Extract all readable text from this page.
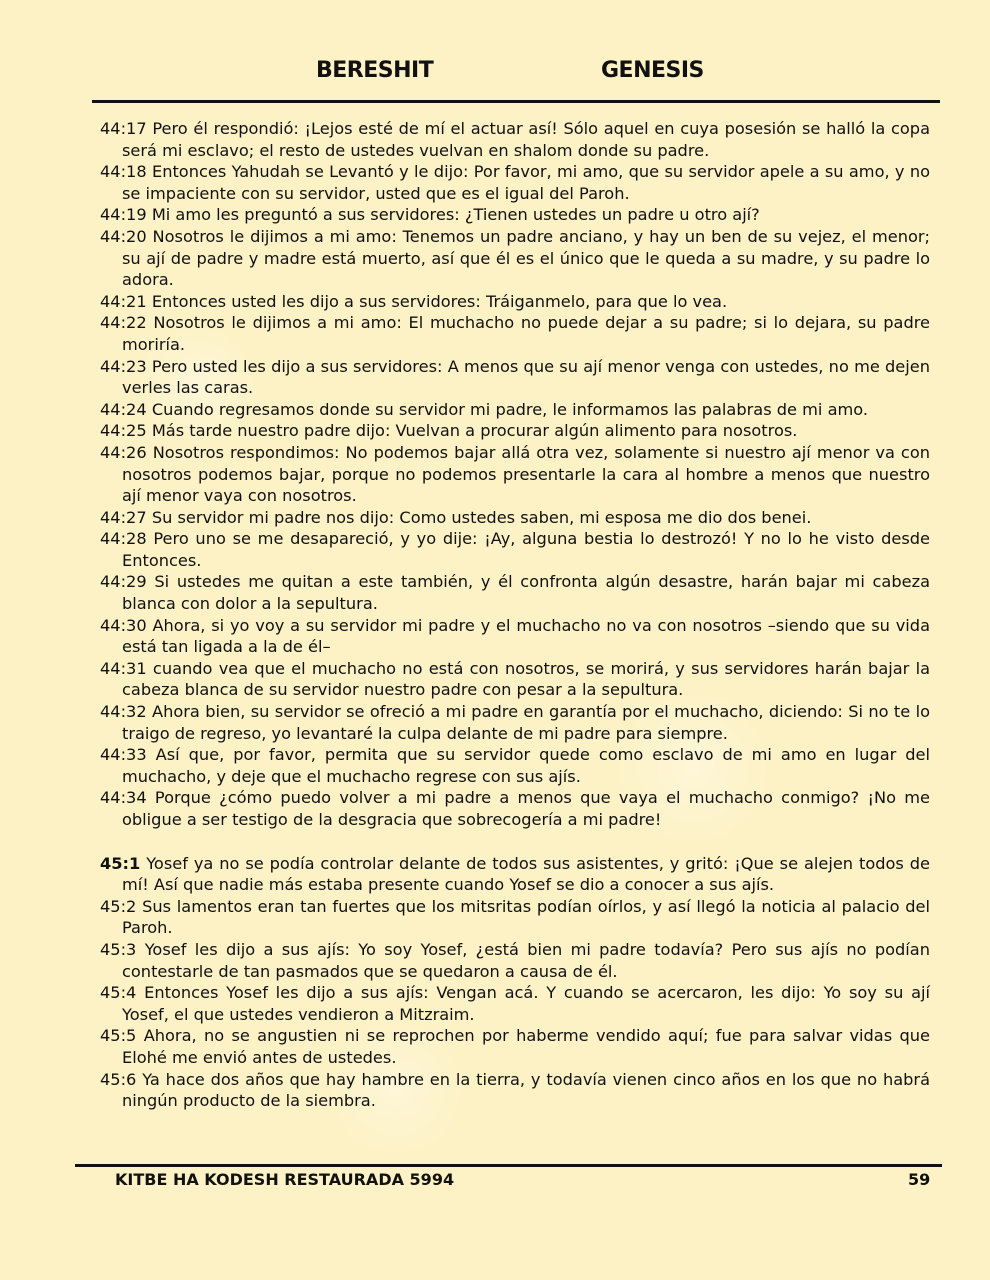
BERESHIT	GENESIS
44:17 Pero él respondió: ¡Lejos esté de mí el actuar así! Sólo aquel en cuya posesión se halló la copa será mi esclavo; el resto de ustedes vuelvan en shalom donde su padre.
44:18 Entonces Yahudah se Levantó y le dijo: Por favor, mi amo, que su servidor apele a su amo, y no se impaciente con su servidor, usted que es el igual del Paroh.
44:19 Mi amo les preguntó a sus servidores: ¿Tienen ustedes un padre u otro ají?
44:20 Nosotros le dijimos a mi amo: Tenemos un padre anciano, y hay un ben de su vejez, el menor; su ají de padre y madre está muerto, así que él es el único que le queda a su madre, y su padre lo adora.
44:21 Entonces usted les dijo a sus servidores: Tráiganmelo, para que lo vea.
44:22 Nosotros le dijimos a mi amo: El muchacho no puede dejar a su padre; si lo dejara, su padre moriría.
44:23 Pero usted les dijo a sus servidores: A menos que su ají menor venga con ustedes, no me dejen verles las caras.
44:24 Cuando regresamos donde su servidor mi padre, le informamos las palabras de mi amo.
44:25 Más tarde nuestro padre dijo: Vuelvan a procurar algún alimento para nosotros.
44:26 Nosotros respondimos: No podemos bajar allá otra vez, solamente si nuestro ají menor va con nosotros podemos bajar, porque no podemos presentarle la cara al hombre a menos que nuestro ají menor vaya con nosotros.
44:27 Su servidor mi padre nos dijo: Como ustedes saben, mi esposa me dio dos benei.
44:28 Pero uno se me desapareció, y yo dije: ¡Ay, alguna bestia lo destrozó! Y no lo he visto desde Entonces.
44:29 Si ustedes me quitan a este también, y él confronta algún desastre, harán bajar mi cabeza blanca con dolor a la sepultura.
44:30 Ahora, si yo voy a su servidor mi padre y el muchacho no va con nosotros –siendo que su vida está tan ligada a la de él–
44:31 cuando vea que el muchacho no está con nosotros, se morirá, y sus servidores harán bajar la cabeza blanca de su servidor nuestro padre con pesar a la sepultura.
44:32 Ahora bien, su servidor se ofreció a mi padre en garantía por el muchacho, diciendo: Si no te lo traigo de regreso, yo levantaré la culpa delante de mi padre para siempre.
44:33 Así que, por favor, permita que su servidor quede como esclavo de mi amo en lugar del muchacho, y deje que el muchacho regrese con sus ajís.
44:34 Porque ¿cómo puedo volver a mi padre a menos que vaya el muchacho conmigo? ¡No me obligue a ser testigo de la desgracia que sobrecogería a mi padre!
45:1 Yosef ya no se podía controlar delante de todos sus asistentes, y gritó: ¡Que se alejen todos de mí! Así que nadie más estaba presente cuando Yosef se dio a conocer a sus ajís.
45:2 Sus lamentos eran tan fuertes que los mitsritas podían oírlos, y así llegó la noticia al palacio del Paroh.
45:3 Yosef les dijo a sus ajís: Yo soy Yosef, ¿está bien mi padre todavía? Pero sus ajís no podían contestarle de tan pasmados que se quedaron a causa de él.
45:4 Entonces Yosef les dijo a sus ajís: Vengan acá. Y cuando se acercaron, les dijo: Yo soy su ají Yosef, el que ustedes vendieron a Mitzraim.
45:5 Ahora, no se angustien ni se reprochen por haberme vendido aquí; fue para salvar vidas que Elohé me envió antes de ustedes.
45:6 Ya hace dos años que hay hambre en la tierra, y todavía vienen cinco años en los que no habrá ningún producto de la siembra.
KITBE HA KODESH RESTAURADA 5994	59
